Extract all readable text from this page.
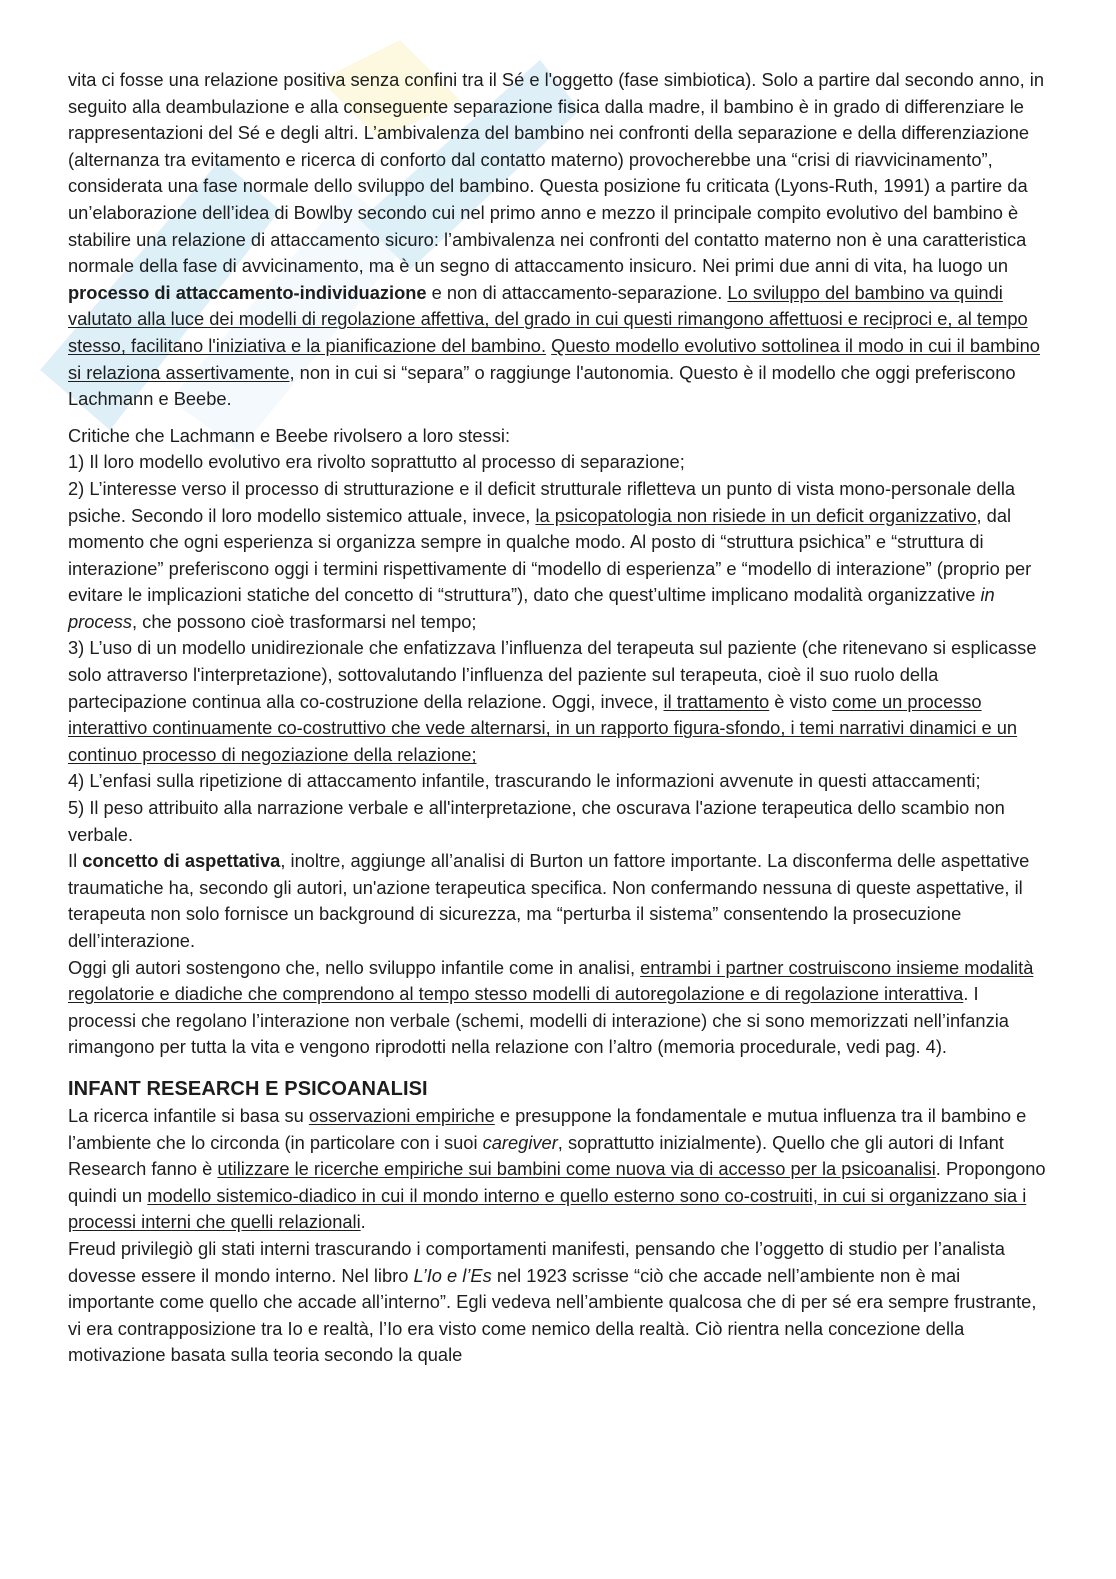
vita ci fosse una relazione positiva senza confini tra il Sé e l'oggetto (fase simbiotica). Solo a partire dal secondo anno, in seguito alla deambulazione e alla conseguente separazione fisica dalla madre, il bambino è in grado di differenziare le rappresentazioni del Sé e degli altri. L’ambivalenza del bambino nei confronti della separazione e della differenziazione (alternanza tra evitamento e ricerca di conforto dal contatto materno) provocherebbe una “crisi di riavvicinamento”, considerata una fase normale dello sviluppo del bambino. Questa posizione fu criticata (Lyons-Ruth, 1991) a partire da un’elaborazione dell’idea di Bowlby secondo cui nel primo anno e mezzo il principale compito evolutivo del bambino è stabilire una relazione di attaccamento sicuro: l’ambivalenza nei confronti del contatto materno non è una caratteristica normale della fase di avvicinamento, ma è un segno di attaccamento insicuro. Nei primi due anni di vita, ha luogo un processo di attaccamento-individuazione e non di attaccamento-separazione. Lo sviluppo del bambino va quindi valutato alla luce dei modelli di regolazione affettiva, del grado in cui questi rimangono affettuosi e reciproci e, al tempo stesso, facilitano l'iniziativa e la pianificazione del bambino. Questo modello evolutivo sottolinea il modo in cui il bambino si relaziona assertivamente, non in cui si “separa” o raggiunge l'autonomia. Questo è il modello che oggi preferiscono Lachmann e Beebe.

Critiche che Lachmann e Beebe rivolsero a loro stessi:
1) Il loro modello evolutivo era rivolto soprattutto al processo di separazione;
2) L’interesse verso il processo di strutturazione e il deficit strutturale rifletteva un punto di vista mono-personale della psiche. Secondo il loro modello sistemico attuale, invece, la psicopatologia non risiede in un deficit organizzativo, dal momento che ogni esperienza si organizza sempre in qualche modo. Al posto di “struttura psichica” e “struttura di interazione” preferiscono oggi i termini rispettivamente di “modello di esperienza” e “modello di interazione” (proprio per evitare le implicazioni statiche del concetto di “struttura”), dato che quest’ultime implicano modalità organizzative in process, che possono cioè trasformarsi nel tempo;
3) L’uso di un modello unidirezionale che enfatizzava l’influenza del terapeuta sul paziente (che ritenevano si esplicasse solo attraverso l'interpretazione), sottovalutando l’influenza del paziente sul terapeuta, cioè il suo ruolo della partecipazione continua alla co-costruzione della relazione. Oggi, invece, il trattamento è visto come un processo interattivo continuamente co-costruttivo che vede alternarsi, in un rapporto figura-sfondo, i temi narrativi dinamici e un continuo processo di negoziazione della relazione;
4) L’enfasi sulla ripetizione di attaccamento infantile, trascurando le informazioni avvenute in questi attaccamenti;
5) Il peso attribuito alla narrazione verbale e all'interpretazione, che oscurava l'azione terapeutica dello scambio non verbale.
Il concetto di aspettativa, inoltre, aggiunge all’analisi di Burton un fattore importante. La disconferma delle aspettative traumatiche ha, secondo gli autori, un'azione terapeutica specifica. Non confermando nessuna di queste aspettative, il terapeuta non solo fornisce un background di sicurezza, ma “perturba il sistema” consentendo la prosecuzione dell’interazione.
Oggi gli autori sostengono che, nello sviluppo infantile come in analisi, entrambi i partner costruiscono insieme modalità regolatorie e diadiche che comprendono al tempo stesso modelli di autoregolazione e di regolazione interattiva. I processi che regolano l’interazione non verbale (schemi, modelli di interazione) che si sono memorizzati nell’infanzia rimangono per tutta la vita e vengono riprodotti nella relazione con l’altro (memoria procedurale, vedi pag. 4).
INFANT RESEARCH E PSICOANALISI
La ricerca infantile si basa su osservazioni empiriche e presuppone la fondamentale e mutua influenza tra il bambino e l’ambiente che lo circonda (in particolare con i suoi caregiver, soprattutto inizialmente). Quello che gli autori di Infant Research fanno è utilizzare le ricerche empiriche sui bambini come nuova via di accesso per la psicoanalisi. Propongono quindi un modello sistemico-diadico in cui il mondo interno e quello esterno sono co-costruiti, in cui si organizzano sia i processi interni che quelli relazionali.
Freud privilegiò gli stati interni trascurando i comportamenti manifesti, pensando che l’oggetto di studio per l’analista dovesse essere il mondo interno. Nel libro L’Io e l’Es nel 1923 scrisse “ciò che accade nell’ambiente non è mai importante come quello che accade all’interno”. Egli vedeva nell’ambiente qualcosa che di per sé era sempre frustrante, vi era contrapposizione tra Io e realtà, l’Io era visto come nemico della realtà. Ciò rientra nella concezione della motivazione basata sulla teoria secondo la quale
